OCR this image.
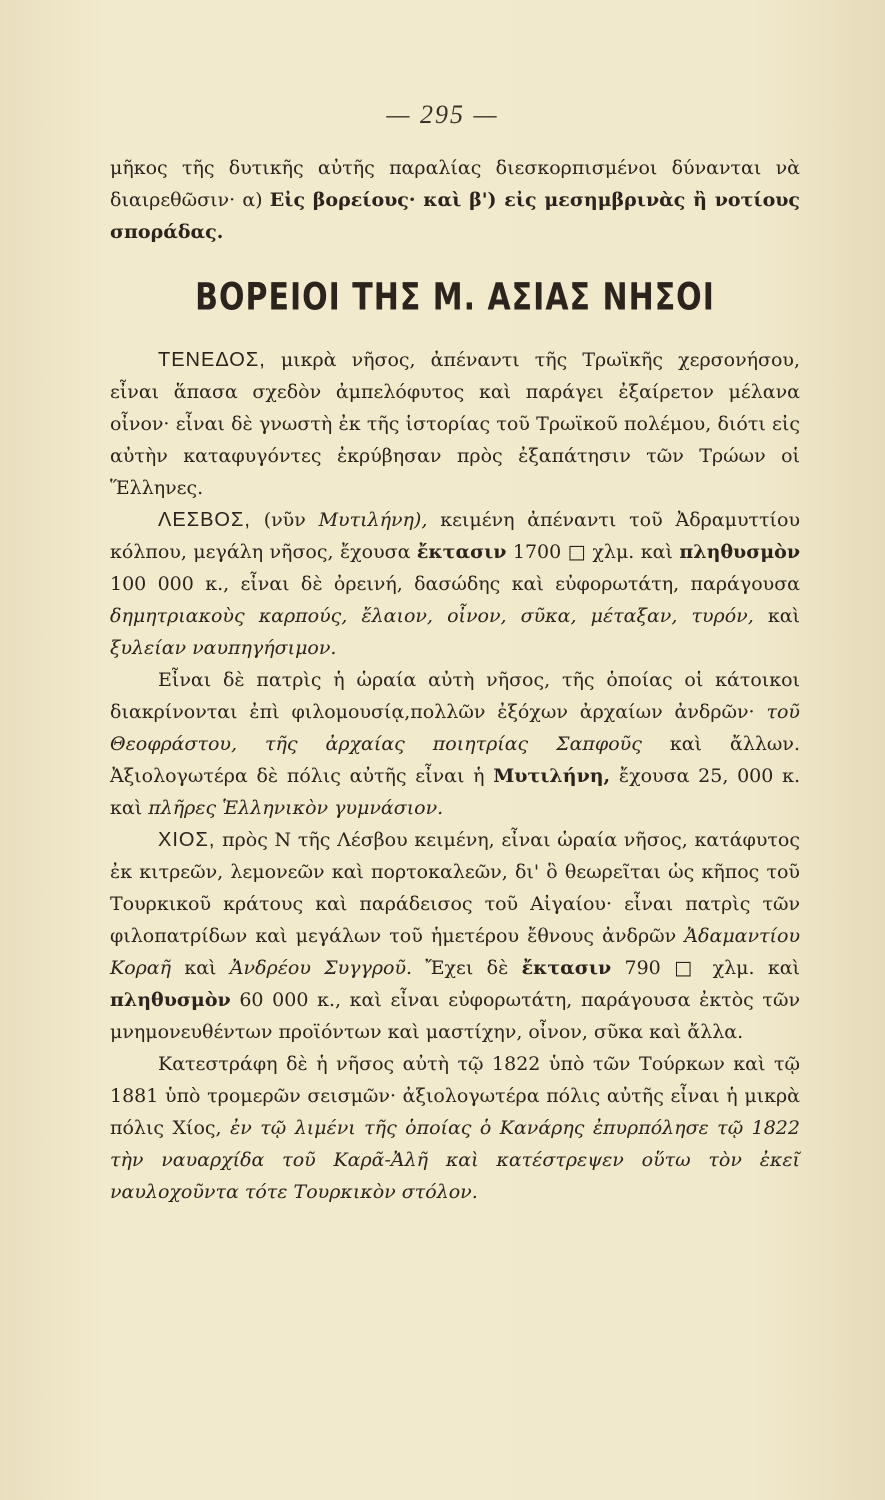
— 295 —

μῆκος τῆς δυτικῆς αὐτῆς παραλίας διεσκορπισμένοι δύνανται νὰ διαιρεθῶσιν· α) Εἰς βορείους· καὶ β') εἰς μεσημβρινὰς ἢ νοτίους σποράδας.

ΒΟΡΕΙΟΙ ΤΗΣ Μ. ΑΣΙΑΣ ΝΗΣΟΙ

ΤΕΝΕΔΟΣ, μικρὰ νῆσος, ἀπέναντι τῆς Τρωϊκῆς χερσονήσου, εἶναι ἅπασα σχεδὸν ἀμπελόφυτος καὶ παράγει ἐξαίρετον μέλανα οἶνον· εἶναι δὲ γνωστὴ ἐκ τῆς ἱστορίας τοῦ Τρωϊκοῦ πολέμου, διότι εἰς αὐτὴν καταφυγόντες ἐκρύβησαν πρὸς ἐξαπάτησιν τῶν Τρώων οἱ Ἕλληνες.

ΛΕΣΒΟΣ, (νῦν Μυτιλήνη), κειμένη ἀπέναντι τοῦ Ἀδραμυττίου κόλπου, μεγάλη νῆσος, ἔχουσα ἔκτασιν 1700 □ χλμ. καὶ πληθυσμὸν 100 000 κ., εἶναι δὲ ὀρεινή, δασώδης καὶ εὐφορωτάτη, παράγουσα δημητριακοὺς καρπούς, ἔλαιον, οἶνον, σῦκα, μέταξαν, τυρόν, καὶ ξυλείαν ναυπηγήσιμον.

Εἶναι δὲ πατρὶς ἡ ὡραία αὐτὴ νῆσος, τῆς ὁποίας οἱ κάτοικοι διακρίνονται ἐπὶ φιλομουσίᾳ,πολλῶν ἐξόχων ἀρχαίων ἀνδρῶν· τοῦ Θεοφράστου, τῆς ἀρχαίας ποιητρίας Σαπφοῦς καὶ ἄλλων. Ἀξιολογωτέρα δὲ πόλις αὐτῆς εἶναι ἡ Μυτιλήνη, ἔχουσα 25, 000 κ. καὶ πλῆρες Ἑλληνικὸν γυμνάσιον.

ΧΙΟΣ, πρὸς Ν τῆς Λέσβου κειμένη, εἶναι ὡραία νῆσος, κατάφυτος ἐκ κιτρεῶν, λεμονεῶν καὶ πορτοκαλεῶν, δι' ὃ θεωρεῖται ὡς κῆπος τοῦ Τουρκικοῦ κράτους καὶ παράδεισος τοῦ Αἰγαίου· εἶναι πατρὶς τῶν φιλοπατρίδων καὶ μεγάλων τοῦ ἡμετέρου ἔθνους ἀνδρῶν Ἀδαμαντίου Κοραῆ καὶ Ἀνδρέου Συγγροῦ. Ἔχει δὲ ἔκτασιν 790 □ χλμ. καὶ πληθυσμὸν 60 000 κ., καὶ εἶναι εὐφορωτάτη, παράγουσα ἐκτὸς τῶν μνημονευθέντων προϊόντων καὶ μαστίχην, οἶνον, σῦκα καὶ ἄλλα.

Κατεστράφη δὲ ἡ νῆσος αὐτὴ τῷ 1822 ὑπὸ τῶν Τούρκων καὶ τῷ 1881 ὑπὸ τρομερῶν σεισμῶν· ἀξιολογωτέρα πόλις αὐτῆς εἶναι ἡ μικρὰ πόλις Χίος, ἐν τῷ λιμένι τῆς ὁποίας ὁ Κανάρης ἐπυρπόλησε τῷ 1822 τὴν ναυαρχίδα τοῦ Καρᾶ-Ἀλῆ καὶ κατέστρεψεν οὕτω τὸν ἐκεῖ ναυλοχοῦντα τότε Τουρκικὸν στόλον.
